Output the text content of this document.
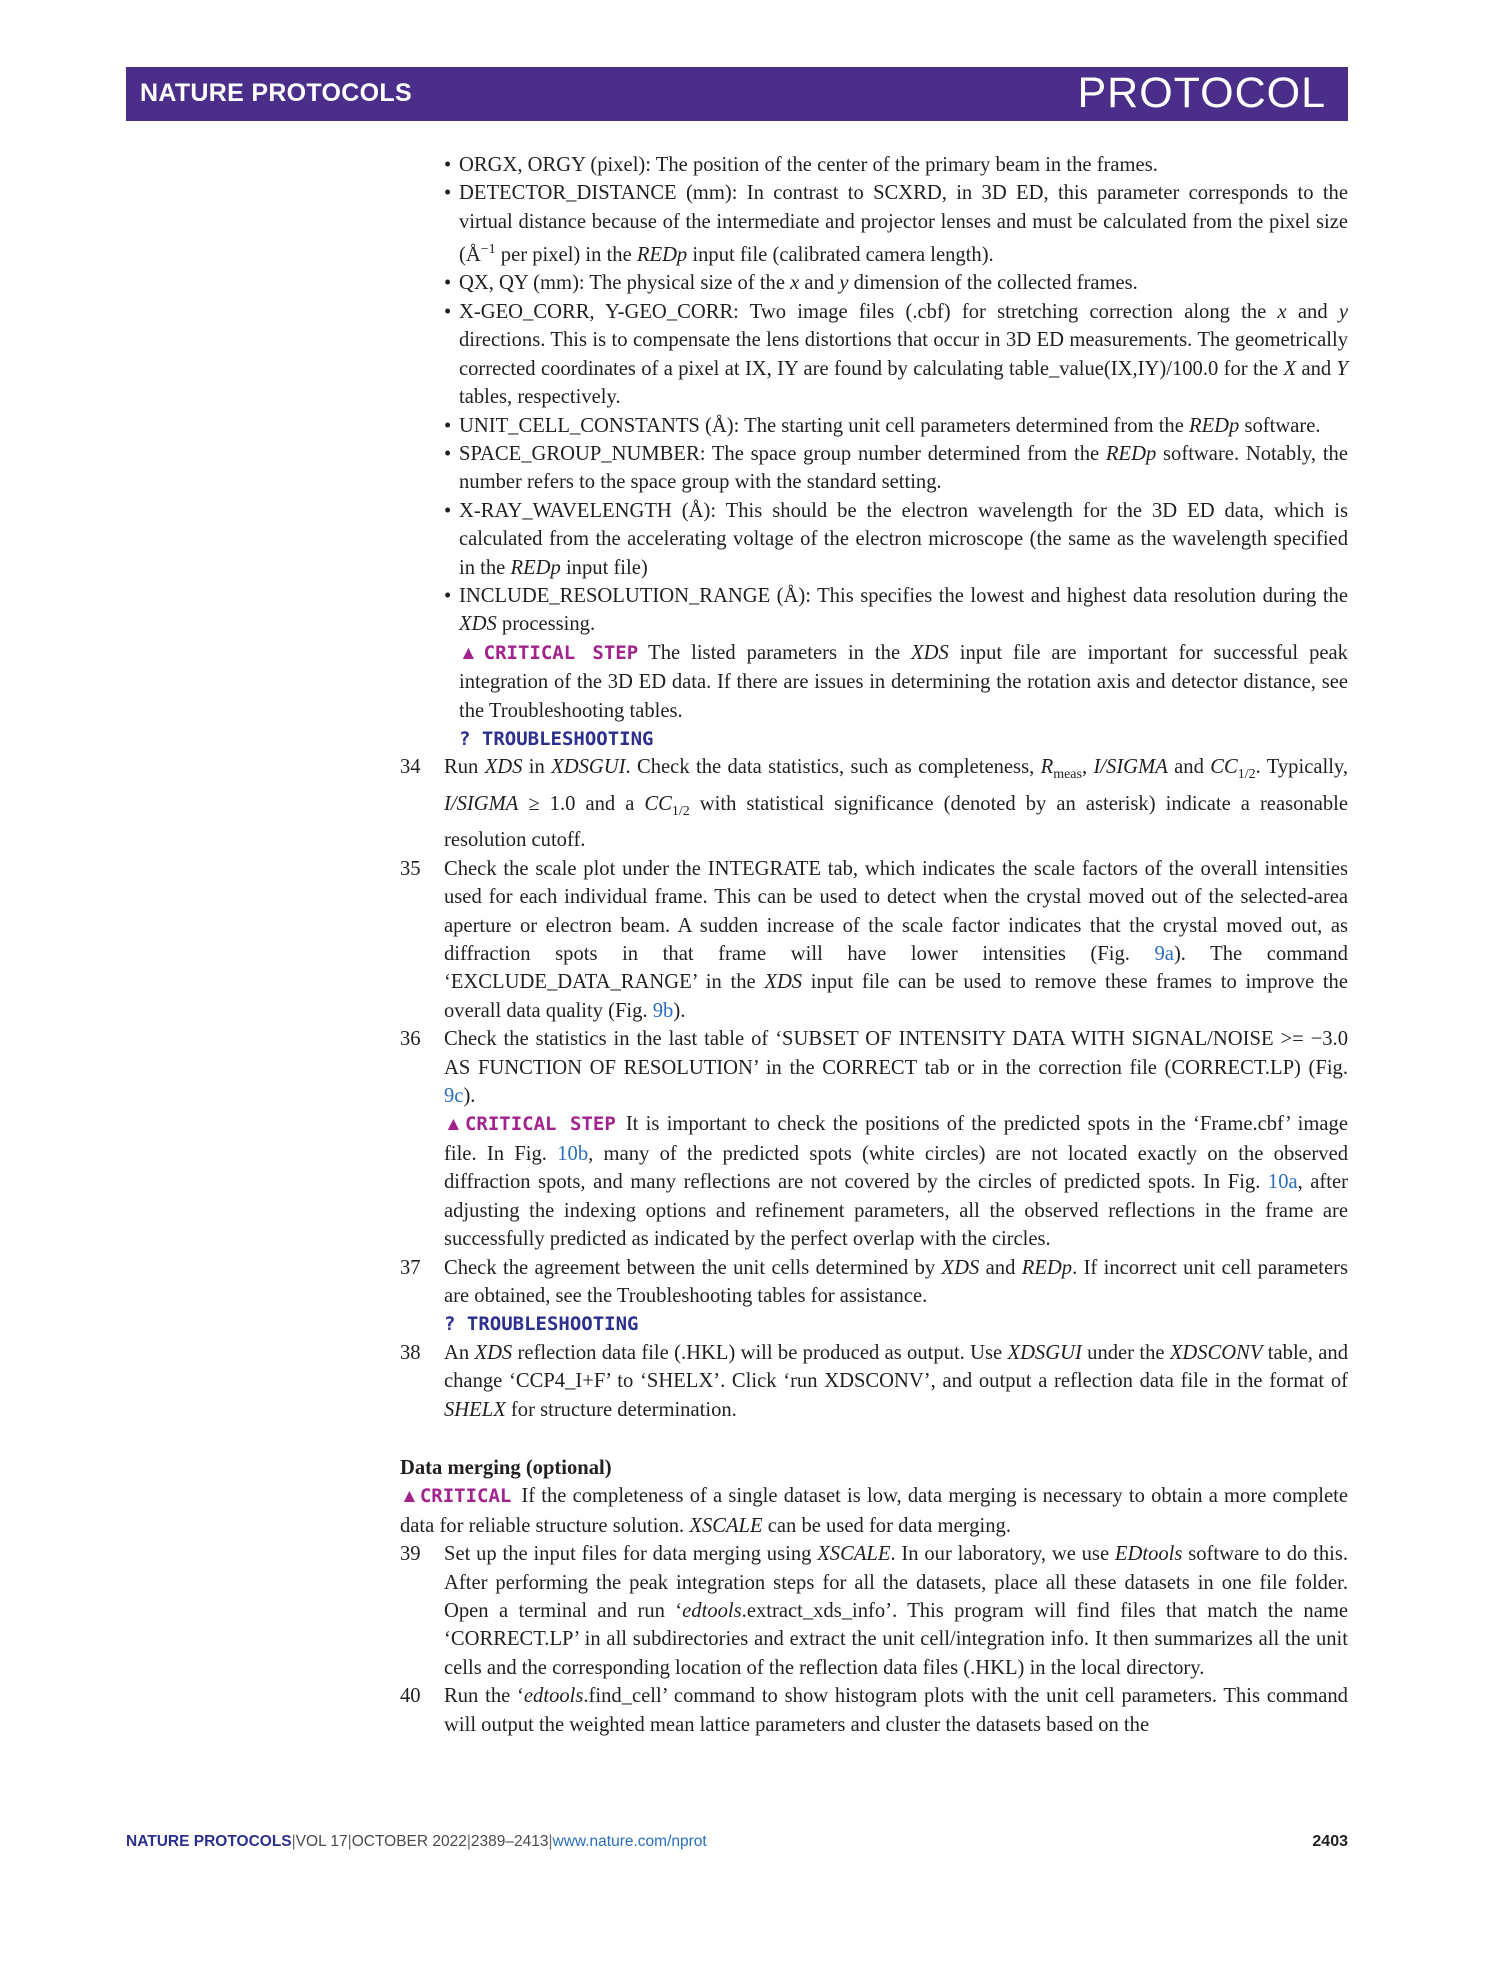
NATURE PROTOCOLS	PROTOCOL
• ORGX, ORGY (pixel): The position of the center of the primary beam in the frames.
• DETECTOR_DISTANCE (mm): In contrast to SCXRD, in 3D ED, this parameter corresponds to the virtual distance because of the intermediate and projector lenses and must be calculated from the pixel size ($Å^{-1}$ per pixel) in the REDp input file (calibrated camera length).
• QX, QY (mm): The physical size of the x and y dimension of the collected frames.
• X-GEO_CORR, Y-GEO_CORR: Two image files (.cbf) for stretching correction along the x and y directions. This is to compensate the lens distortions that occur in 3D ED measurements. The geometrically corrected coordinates of a pixel at IX, IY are found by calculating table_value(IX,IY)/100.0 for the X and Y tables, respectively.
• UNIT_CELL_CONSTANTS (Å): The starting unit cell parameters determined from the REDp software.
• SPACE_GROUP_NUMBER: The space group number determined from the REDp software. Notably, the number refers to the space group with the standard setting.
• X-RAY_WAVELENGTH (Å): This should be the electron wavelength for the 3D ED data, which is calculated from the accelerating voltage of the electron microscope (the same as the wavelength specified in the REDp input file)
• INCLUDE_RESOLUTION_RANGE (Å): This specifies the lowest and highest data resolution during the XDS processing.
▲CRITICAL STEP The listed parameters in the XDS input file are important for successful peak integration of the 3D ED data. If there are issues in determining the rotation axis and detector distance, see the Troubleshooting tables.
? TROUBLESHOOTING
34	Run XDS in XDSGUI. Check the data statistics, such as completeness, $R_{meas}$, I/SIGMA and $CC_{1/2}$. Typically, I/SIGMA ≥ 1.0 and a $CC_{1/2}$ with statistical significance (denoted by an asterisk) indicate a reasonable resolution cutoff.
35	Check the scale plot under the INTEGRATE tab, which indicates the scale factors of the overall intensities used for each individual frame. This can be used to detect when the crystal moved out of the selected-area aperture or electron beam. A sudden increase of the scale factor indicates that the crystal moved out, as diffraction spots in that frame will have lower intensities (Fig. 9a). The command ‘EXCLUDE_DATA_RANGE’ in the XDS input file can be used to remove these frames to improve the overall data quality (Fig. 9b).
36	Check the statistics in the last table of ‘SUBSET OF INTENSITY DATA WITH SIGNAL/NOISE >= −3.0 AS FUNCTION OF RESOLUTION’ in the CORRECT tab or in the correction file (CORRECT.LP) (Fig. 9c).
▲CRITICAL STEP It is important to check the positions of the predicted spots in the ‘Frame.cbf’ image file. In Fig. 10b, many of the predicted spots (white circles) are not located exactly on the observed diffraction spots, and many reflections are not covered by the circles of predicted spots. In Fig. 10a, after adjusting the indexing options and refinement parameters, all the observed reflections in the frame are successfully predicted as indicated by the perfect overlap with the circles.
37	Check the agreement between the unit cells determined by XDS and REDp. If incorrect unit cell parameters are obtained, see the Troubleshooting tables for assistance.
? TROUBLESHOOTING
38	An XDS reflection data file (.HKL) will be produced as output. Use XDSGUI under the XDSCONV table, and change ‘CCP4_I+F’ to ‘SHELX’. Click ‘run XDSCONV’, and output a reflection data file in the format of SHELX for structure determination.
Data merging (optional)
▲CRITICAL If the completeness of a single dataset is low, data merging is necessary to obtain a more complete data for reliable structure solution. XSCALE can be used for data merging.
39	Set up the input files for data merging using XSCALE. In our laboratory, we use EDtools software to do this. After performing the peak integration steps for all the datasets, place all these datasets in one file folder. Open a terminal and run ‘edtools.extract_xds_info’. This program will find files that match the name ‘CORRECT.LP’ in all subdirectories and extract the unit cell/integration info. It then summarizes all the unit cells and the corresponding location of the reflection data files (.HKL) in the local directory.
40	Run the ‘edtools.find_cell’ command to show histogram plots with the unit cell parameters. This command will output the weighted mean lattice parameters and cluster the datasets based on the
NATURE PROTOCOLS|VOL 17|OCTOBER 2022|2389–2413|www.nature.com/nprot	2403
